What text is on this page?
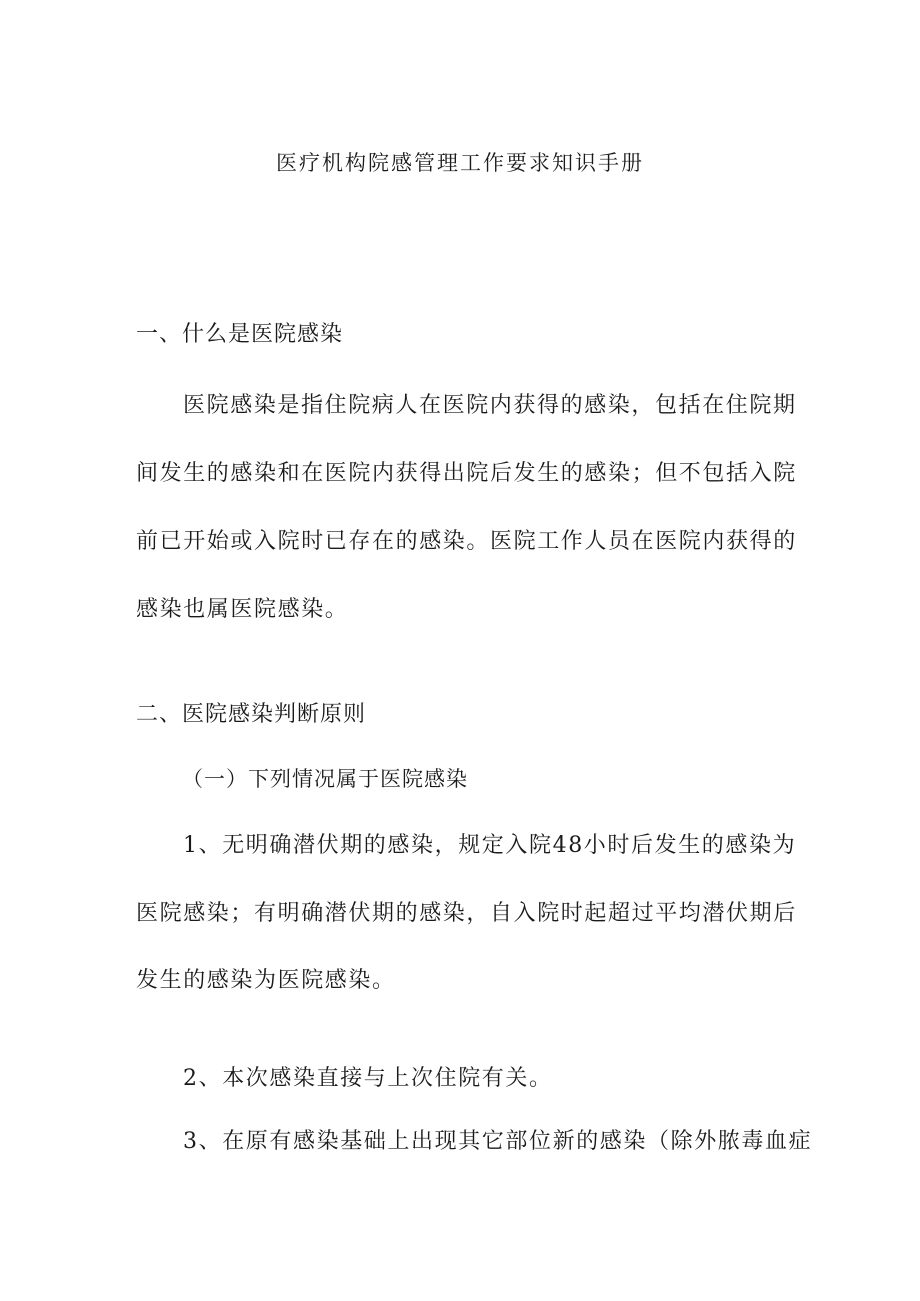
医疗机构院感管理工作要求知识手册

一、什么是医院感染

医院感染是指住院病人在医院内获得的感染，包括在住院期

间发生的感染和在医院内获得出院后发生的感染；但不包括入院

前已开始或入院时已存在的感染。医院工作人员在医院内获得的

感染也属医院感染。

二、医院感染判断原则

（一）下列情况属于医院感染

1、无明确潜伏期的感染，规定入院48小时后发生的感染为

医院感染；有明确潜伏期的感染，自入院时起超过平均潜伏期后

发生的感染为医院感染。

2、本次感染直接与上次住院有关。

3、在原有感染基础上出现其它部位新的感染（除外脓毒血症
